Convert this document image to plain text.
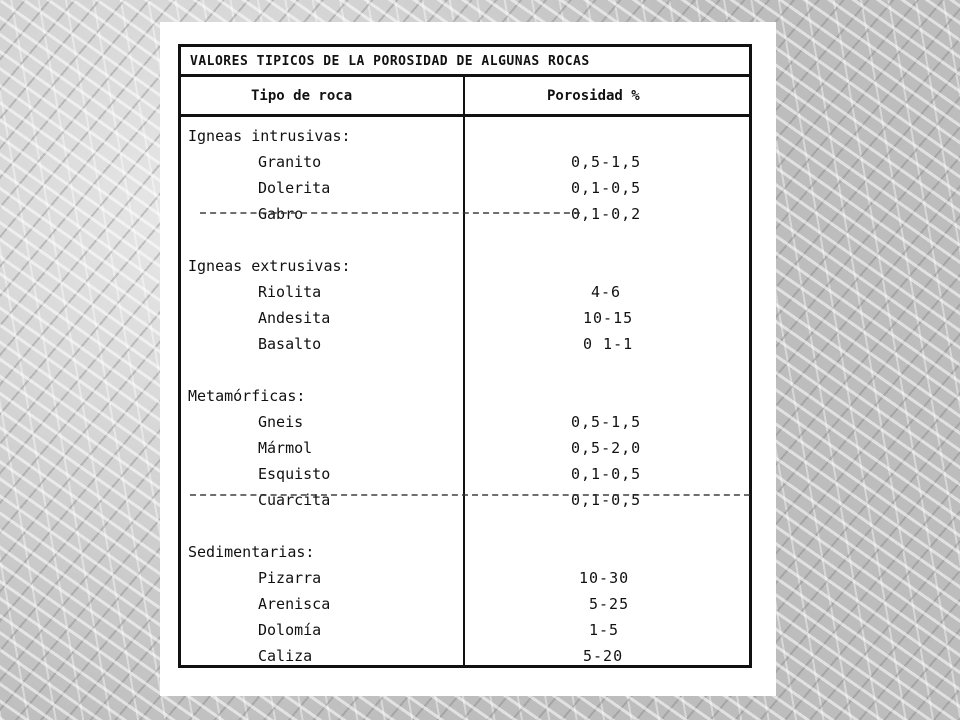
VALORES TIPICOS DE LA POROSIDAD DE ALGUNAS ROCAS
Tipo de roca	Porosidad %
Igneas intrusivas:
Granito	0,5-1,5
Dolerita	0,1-0,5
Gabro	0,1-0,2
Igneas extrusivas:
Riolita	4-6
Andesita	10-15
Basalto	0 1-1
Metamórficas:
Gneis	0,5-1,5
Mármol	0,5-2,0
Esquisto	0,1-0,5
Cuarcita	0,1-0,5
Sedimentarias:
Pizarra	10-30
Arenisca	5-25
Dolomía	1-5
Caliza	5-20
